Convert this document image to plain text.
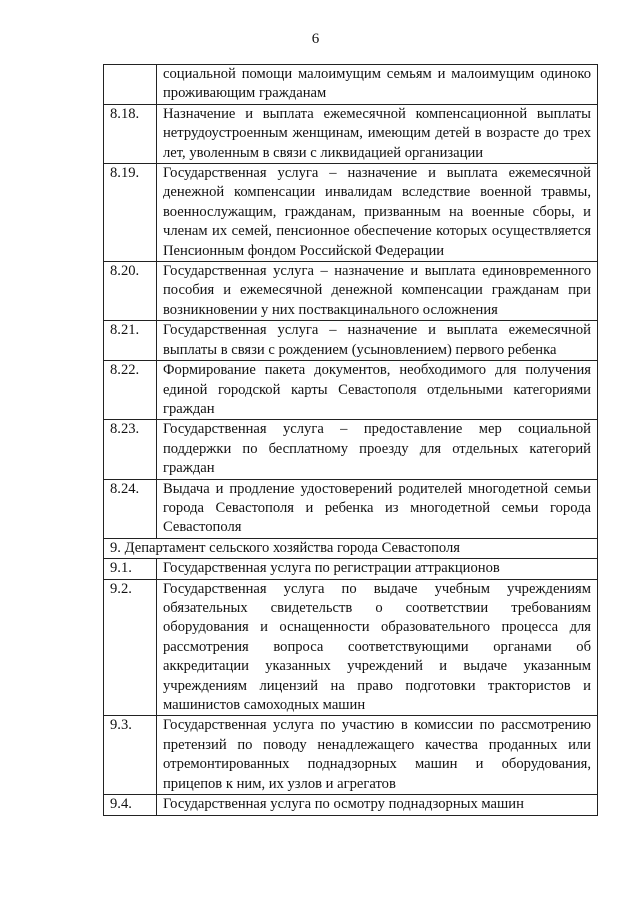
6
	социальной помощи малоимущим семьям и малоимущим одиноко проживающим гражданам
8.18.	Назначение и выплата ежемесячной компенсационной выплаты нетрудоустроенным женщинам, имеющим детей в возрасте до трех лет, уволенным в связи с ликвидацией организации
8.19.	Государственная услуга – назначение и выплата ежемесячной денежной компенсации инвалидам вследствие военной травмы, военнослужащим, гражданам, призванным на военные сборы, и членам их семей, пенсионное обеспечение которых осуществляется Пенсионным фондом Российской Федерации
8.20.	Государственная услуга – назначение и выплата единовременного пособия и ежемесячной денежной компенсации гражданам при возникновении у них поствакцинального осложнения
8.21.	Государственная услуга – назначение и выплата ежемесячной выплаты в связи с рождением (усыновлением) первого ребенка
8.22.	Формирование пакета документов, необходимого для получения единой городской карты Севастополя отдельными категориями граждан
8.23.	Государственная услуга – предоставление мер социальной поддержки по бесплатному проезду для отдельных категорий граждан
8.24.	Выдача и продление удостоверений родителей многодетной семьи города Севастополя и ребенка из многодетной семьи города Севастополя
9. Департамент сельского хозяйства города Севастополя	
9.1.	Государственная услуга по регистрации аттракционов
9.2.	Государственная услуга по выдаче учебным учреждениям обязательных свидетельств о соответствии требованиям оборудования и оснащенности образовательного процесса для рассмотрения вопроса соответствующими органами об аккредитации указанных учреждений и выдаче указанным учреждениям лицензий на право подготовки трактористов и машинистов самоходных машин
9.3.	Государственная услуга по участию в комиссии по рассмотрению претензий по поводу ненадлежащего качества проданных или отремонтированных поднадзорных машин и оборудования, прицепов к ним, их узлов и агрегатов
9.4.	Государственная услуга по осмотру поднадзорных машин
